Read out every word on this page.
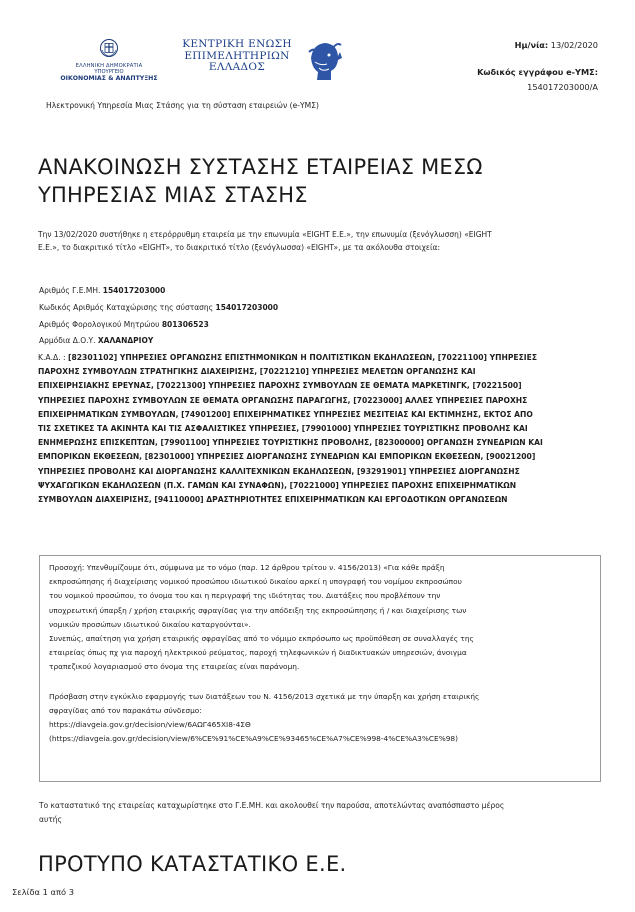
ΕΛΛΗΝΙΚΗ ΔΗΜΟΚΡΑΤΙΑ
ΥΠΟΥΡΓΕΙΟ
ΟΙΚΟΝΟΜΙΑΣ & ΑΝΑΠΤΥΞΗΣ
ΚΕΝΤΡΙΚΗ ΕΝΩΣΗ
ΕΠΙΜΕΛΗΤΗΡΙΩΝ
ΕΛΛΑΔΟΣ
Ημ/νία: 13/02/2020
Κωδικός εγγράφου e-ΥΜΣ:
154017203000/Α
Ηλεκτρονική Υπηρεσία Μιας Στάσης για τη σύσταση εταιρειών (e-ΥΜΣ)
ΑΝΑΚΟΙΝΩΣΗ ΣΥΣΤΑΣΗΣ ΕΤΑΙΡΕΙΑΣ ΜΕΣΩ
ΥΠΗΡΕΣΙΑΣ ΜΙΑΣ ΣΤΑΣΗΣ
Την 13/02/2020 συστήθηκε η ετερόρρυθμη εταιρεία με την επωνυμία «EIGHT Ε.Ε.», την επωνυμία (ξενόγλωσση) «EIGHT
Ε.Ε.», το διακριτικό τίτλο «EIGHT», το διακριτικό τίτλο (ξενόγλωσσα) «EIGHT», με τα ακόλουθα στοιχεία:
Αριθμός Γ.Ε.ΜΗ. 154017203000
Κωδικός Αριθμός Καταχώρισης της σύστασης 154017203000
Αριθμός Φορολογικού Μητρώου 801306523
Αρμόδια Δ.Ο.Υ. ΧΑΛΑΝΔΡΙΟΥ
Κ.Α.Δ. : [82301102] ΥΠΗΡΕΣΙΕΣ ΟΡΓΑΝΩΣΗΣ ΕΠΙΣΤΗΜΟΝΙΚΩΝ Η ΠΟΛΙΤΙΣΤΙΚΩΝ ΕΚΔΗΛΩΣΕΩΝ, [70221100] ΥΠΗΡΕΣΙΕΣ
ΠΑΡΟΧΗΣ ΣΥΜΒΟΥΛΩΝ ΣΤΡΑΤΗΓΙΚΗΣ ΔΙΑΧΕΙΡΙΣΗΣ, [70221210] ΥΠΗΡΕΣΙΕΣ ΜΕΛΕΤΩΝ ΟΡΓΑΝΩΣΗΣ ΚΑΙ
ΕΠΙΧΕΙΡΗΣΙΑΚΗΣ ΕΡΕΥΝΑΣ, [70221300] ΥΠΗΡΕΣΙΕΣ ΠΑΡΟΧΗΣ ΣΥΜΒΟΥΛΩΝ ΣΕ ΘΕΜΑΤΑ ΜΑΡΚΕΤΙΝΓΚ, [70221500]
ΥΠΗΡΕΣΙΕΣ ΠΑΡΟΧΗΣ ΣΥΜΒΟΥΛΩΝ ΣΕ ΘΕΜΑΤΑ ΟΡΓΑΝΩΣΗΣ ΠΑΡΑΓΩΓΗΣ, [70223000] ΑΛΛΕΣ ΥΠΗΡΕΣΙΕΣ ΠΑΡΟΧΗΣ
ΕΠΙΧΕΙΡΗΜΑΤΙΚΩΝ ΣΥΜΒΟΥΛΩΝ, [74901200] ΕΠΙΧΕΙΡΗΜΑΤΙΚΕΣ ΥΠΗΡΕΣΙΕΣ ΜΕΣΙΤΕΙΑΣ ΚΑΙ ΕΚΤΙΜΗΣΗΣ, ΕΚΤΟΣ ΑΠΟ
ΤΙΣ ΣΧΕΤΙΚΕΣ ΤΑ ΑΚΙΝΗΤΑ ΚΑΙ ΤΙΣ ΑΣΦΑΛΙΣΤΙΚΕΣ ΥΠΗΡΕΣΙΕΣ, [79901000] ΥΠΗΡΕΣΙΕΣ ΤΟΥΡΙΣΤΙΚΗΣ ΠΡΟΒΟΛΗΣ ΚΑΙ
ΕΝΗΜΕΡΩΣΗΣ ΕΠΙΣΚΕΠΤΩΝ, [79901100] ΥΠΗΡΕΣΙΕΣ ΤΟΥΡΙΣΤΙΚΗΣ ΠΡΟΒΟΛΗΣ, [82300000] ΟΡΓΑΝΩΣΗ ΣΥΝΕΔΡΙΩΝ ΚΑΙ
ΕΜΠΟΡΙΚΩΝ ΕΚΘΕΣΕΩΝ, [82301000] ΥΠΗΡΕΣΙΕΣ ΔΙΟΡΓΑΝΩΣΗΣ ΣΥΝΕΔΡΙΩΝ ΚΑΙ ΕΜΠΟΡΙΚΩΝ ΕΚΘΕΣΕΩΝ, [90021200]
ΥΠΗΡΕΣΙΕΣ ΠΡΟΒΟΛΗΣ ΚΑΙ ΔΙΟΡΓΑΝΩΣΗΣ ΚΑΛΛΙΤΕΧΝΙΚΩΝ ΕΚΔΗΛΩΣΕΩΝ, [93291901] ΥΠΗΡΕΣΙΕΣ ΔΙΟΡΓΑΝΩΣΗΣ
ΨΥΧΑΓΩΓΙΚΩΝ ΕΚΔΗΛΩΣΕΩΝ (Π.Χ. ΓΑΜΩΝ ΚΑΙ ΣΥΝΑΦΩΝ), [70221000] ΥΠΗΡΕΣΙΕΣ ΠΑΡΟΧΗΣ ΕΠΙΧΕΙΡΗΜΑΤΙΚΩΝ
ΣΥΜΒΟΥΛΩΝ ΔΙΑΧΕΙΡΙΣΗΣ, [94110000] ΔΡΑΣΤΗΡΙΟΤΗΤΕΣ ΕΠΙΧΕΙΡΗΜΑΤΙΚΩΝ ΚΑΙ ΕΡΓΟΔΟΤΙΚΩΝ ΟΡΓΑΝΩΣΕΩΝ

Προσοχή: Υπενθυμίζουμε ότι, σύμφωνα με το νόμο (παρ. 12 άρθρου τρίτου ν. 4156/2013) «Για κάθε πράξη

εκπροσώπησης ή διαχείρισης νομικού προσώπου ιδιωτικού δικαίου αρκεί η υπογραφή του νομίμου εκπροσώπου

του νομικού προσώπου, το όνομα του και η περιγραφή της ιδιότητας του. Διατάξεις που προβλέπουν την

υποχρεωτική ύπαρξη / χρήση εταιρικής σφραγίδας για την απόδειξη της εκπροσώπησης ή / και διαχείρισης των

νομικών προσώπων ιδιωτικού δικαίου καταργούνται».

Συνεπώς, απαίτηση για χρήση εταιρικής σφραγίδας από το νόμιμο εκπρόσωπο ως προϋπόθεση σε συναλλαγές της

εταιρείας όπως πχ για παροχή ηλεκτρικού ρεύματος, παροχή τηλεφωνικών ή διαδικτυακών υπηρεσιών, άνοιγμα

τραπεζικού λογαριασμού στο όνομα της εταιρείας είναι παράνομη.

Πρόσβαση στην εγκύκλιο εφαρμογής των διατάξεων του Ν. 4156/2013 σχετικά με την ύπαρξη και χρήση εταιρικής

σφραγίδας από τον παρακάτω σύνδεσμο:

https://diavgeia.gov.gr/decision/view/6ΑΩΓ465ΧΙ8-4ΣΘ

(https://diavgeia.gov.gr/decision/view/6%CE%91%CE%A9%CE%93465%CE%A7%CE%998-4%CE%A3%CE%98)

Το καταστατικό της εταιρείας καταχωρίστηκε στο Γ.Ε.ΜΗ. και ακολουθεί την παρούσα, αποτελώντας αναπόσπαστο μέρος
αυτής
ΠΡΟΤΥΠΟ ΚΑΤΑΣΤΑΤΙΚΟ Ε.Ε.
Σελίδα 1 από 3
